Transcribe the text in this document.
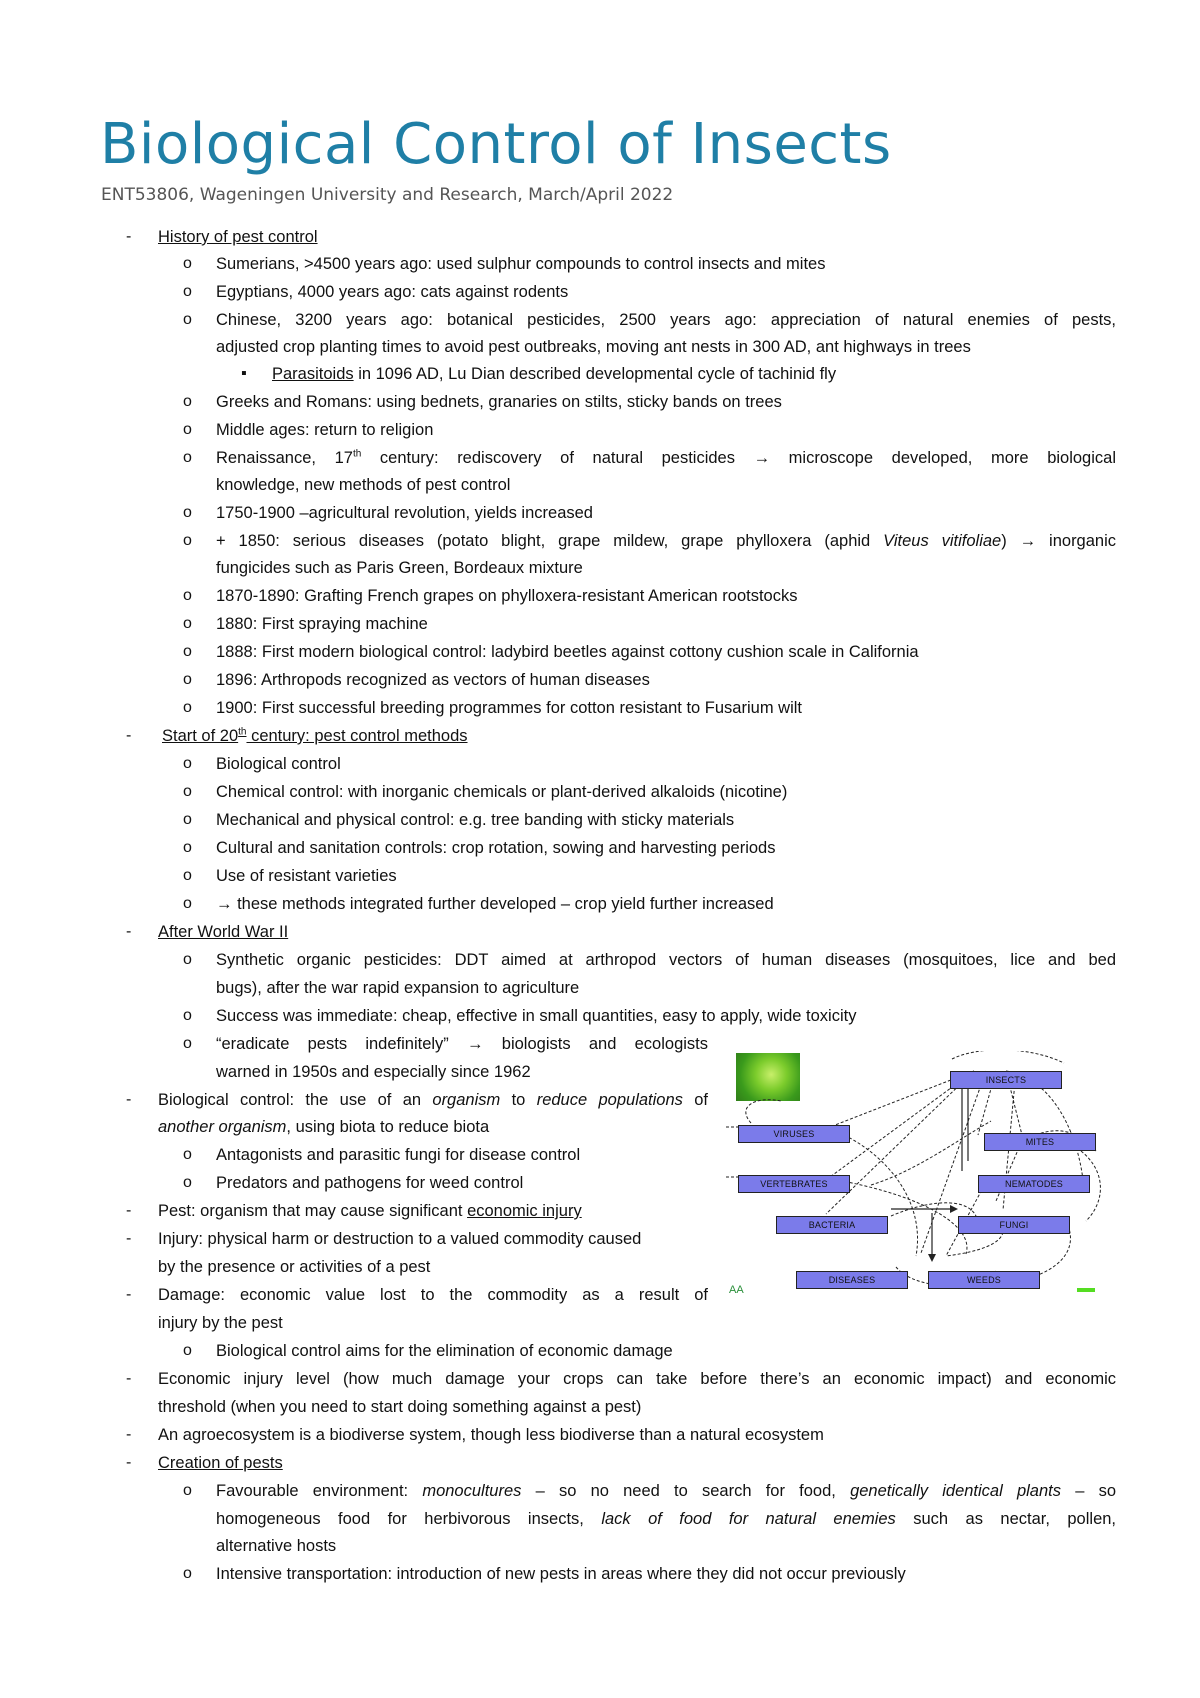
Biological Control of Insects
ENT53806, Wageningen University and Research, March/April 2022
- History of pest control
o Sumerians, >4500 years ago: used sulphur compounds to control insects and mites
o Egyptians, 4000 years ago: cats against rodents
o Chinese, 3200 years ago: botanical pesticides, 2500 years ago: appreciation of natural enemies of pests,
adjusted crop planting times to avoid pest outbreaks, moving ant nests in 300 AD, ant highways in trees
▪ Parasitoids in 1096 AD, Lu Dian described developmental cycle of tachinid fly
o Greeks and Romans: using bednets, granaries on stilts, sticky bands on trees
o Middle ages: return to religion
o Renaissance, 17th century: rediscovery of natural pesticides → microscope developed, more biological
knowledge, new methods of pest control
o 1750-1900 –agricultural revolution, yields increased
o + 1850: serious diseases (potato blight, grape mildew, grape phylloxera (aphid Viteus vitifoliae) → inorganic
fungicides such as Paris Green, Bordeaux mixture
o 1870-1890: Grafting French grapes on phylloxera-resistant American rootstocks
o 1880: First spraying machine
o 1888: First modern biological control: ladybird beetles against cottony cushion scale in California
o 1896: Arthropods recognized as vectors of human diseases
o 1900: First successful breeding programmes for cotton resistant to Fusarium wilt
- Start of 20th century: pest control methods
o Biological control
o Chemical control: with inorganic chemicals or plant-derived alkaloids (nicotine)
o Mechanical and physical control: e.g. tree banding with sticky materials
o Cultural and sanitation controls: crop rotation, sowing and harvesting periods
o Use of resistant varieties
o → these methods integrated further developed – crop yield further increased
- After World War II
o Synthetic organic pesticides: DDT aimed at arthropod vectors of human diseases (mosquitoes, lice and bed
bugs), after the war rapid expansion to agriculture
o Success was immediate: cheap, effective in small quantities, easy to apply, wide toxicity
o “eradicate pests indefinitely” → biologists and ecologists
warned in 1950s and especially since 1962
- Biological control: the use of an organism to reduce populations of
another organism, using biota to reduce biota
o Antagonists and parasitic fungi for disease control
o Predators and pathogens for weed control
- Pest: organism that may cause significant economic injury
- Injury: physical harm or destruction to a valued commodity caused
by the presence or activities of a pest
- Damage: economic value lost to the commodity as a result of
injury by the pest
o Biological control aims for the elimination of economic damage
- Economic injury level (how much damage your crops can take before there’s an economic impact) and economic
threshold (when you need to start doing something against a pest)
- An agroecosystem is a biodiverse system, though less biodiverse than a natural ecosystem
- Creation of pests
o Favourable environment: monocultures – so no need to search for food, genetically identical plants – so
homogeneous food for herbivorous insects, lack of food for natural enemies such as nectar, pollen,
alternative hosts
o Intensive transportation: introduction of new pests in areas where they did not occur previously
INSECTS
VIRUSES
MITES
VERTEBRATES	NEMATODES
BACTERIA	FUNGI
DISEASES	WEEDS
AA
